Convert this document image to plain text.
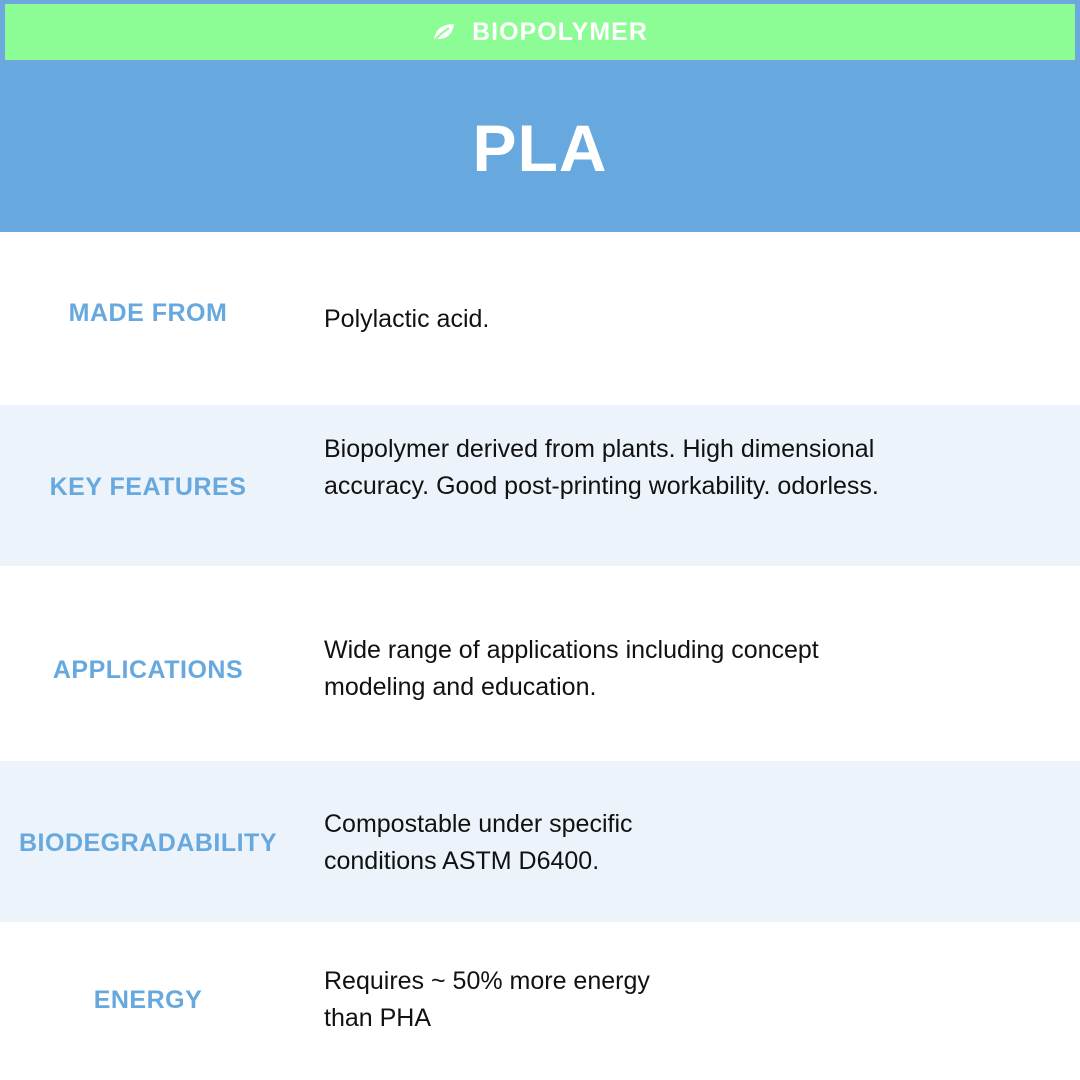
BIOPOLYMER
PLA
MADE FROM	Polylactic acid.
KEY FEATURES
Biopolymer derived from plants. High dimensional
accuracy. Good post-printing workability. odorless.
APPLICATIONS
Wide range of applications including concept
modeling and education.
BIODEGRADABILITY
Compostable under specific
conditions ASTM D6400.
ENERGY
Requires ~ 50% more energy
than PHA
